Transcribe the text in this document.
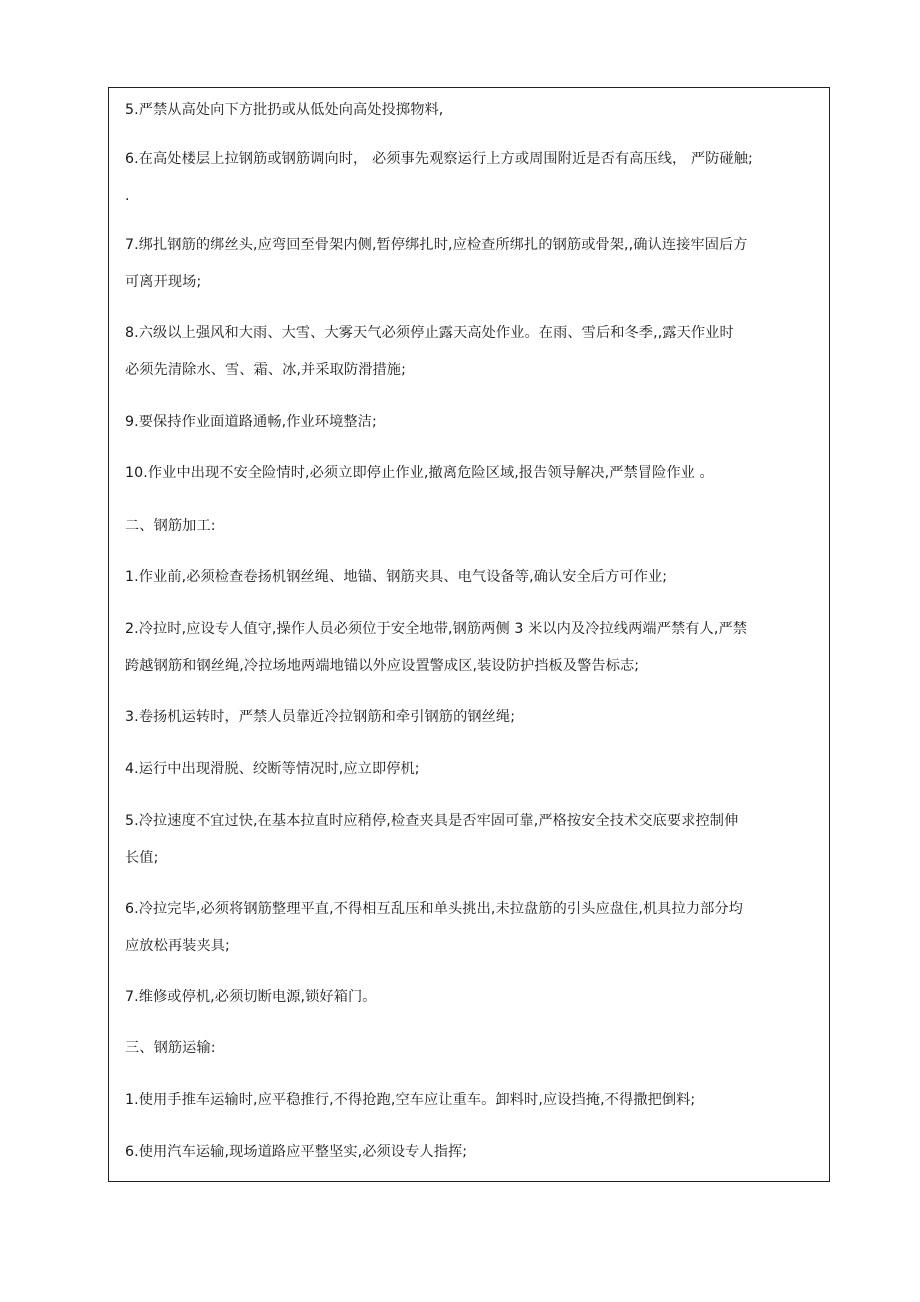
5.严禁从高处向下方批扔或从低处向高处投掷物料,
6.在高处楼层上拉钢筋或钢筋调向时， 必须事先观察运行上方或周围附近是否有高压线， 严防碰触;
.
7.绑扎钢筋的绑丝头,应弯回至骨架内侧,暂停绑扎时,应检查所绑扎的钢筋或骨架,,确认连接牢固后方
可离开现场;
8.六级以上强风和大雨、大雪、大雾天气必须停止露天高处作业。在雨、雪后和冬季,,露天作业时
必须先清除水、雪、霜、冰,并采取防滑措施;
9.要保持作业面道路通畅,作业环境整洁;
10.作业中出现不安全险情时,必须立即停止作业,撤离危险区域,报告领导解决,严禁冒险作业 。
二、钢筋加工:
1.作业前,必须检查卷扬机钢丝绳、地锚、钢筋夹具、电气设备等,确认安全后方可作业;
2.冷拉时,应设专人值守,操作人员必须位于安全地带,钢筋两侧 3 米以内及冷拉线两端严禁有人,严禁
跨越钢筋和钢丝绳,冷拉场地两端地锚以外应设置警成区,装设防护挡板及警告标志;
3.卷扬机运转时，严禁人员靠近冷拉钢筋和牵引钢筋的钢丝绳;
4.运行中出现滑脱、绞断等情况时,应立即停机;
5.冷拉速度不宜过快,在基本拉直时应稍停,检查夹具是否牢固可靠,严格按安全技术交底要求控制伸
长值;
6.冷拉完毕,必须将钢筋整理平直,不得相互乱压和单头挑出,未拉盘筋的引头应盘住,机具拉力部分均
应放松再装夹具;
7.维修或停机,必须切断电源,锁好箱门。
三、钢筋运输:
1.使用手推车运输时,应平稳推行,不得抢跑,空车应让重车。卸料时,应设挡掩,不得撒把倒料;
6.使用汽车运输,现场道路应平整坚实,必须设专人指挥;
